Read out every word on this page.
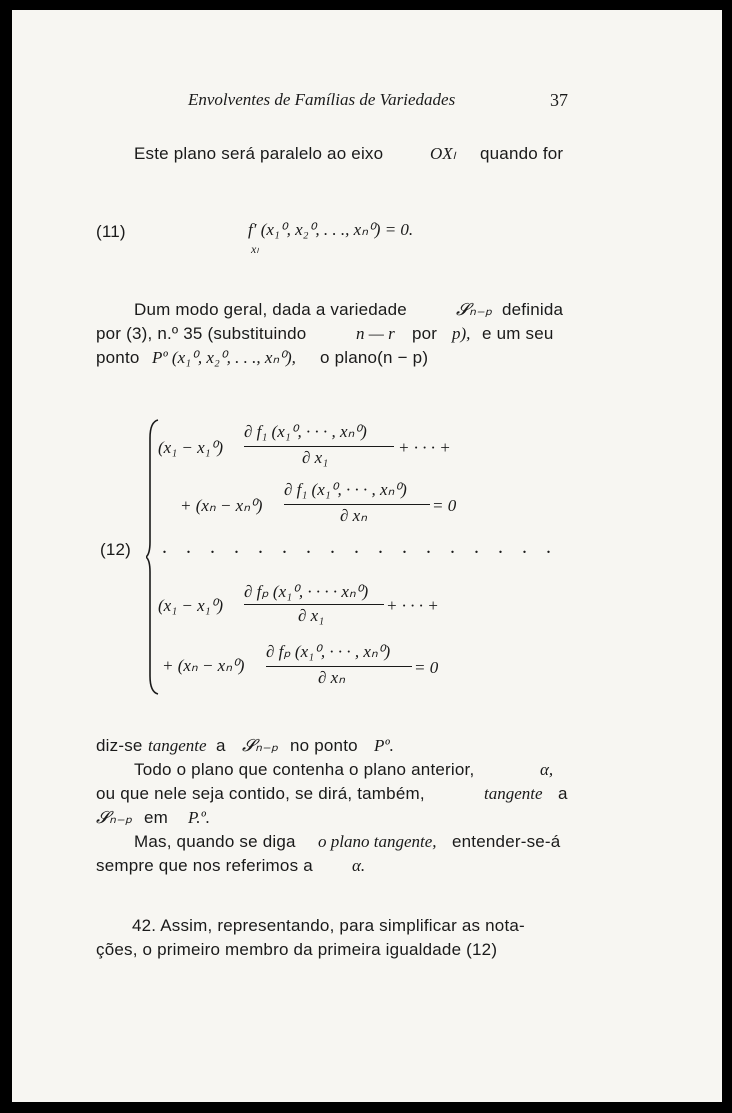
Envolventes de Famílias de Variedades	37
Este plano será paralelo ao eixo	OXₗ quando for
(11)	f′ (x₁⁰, x₂⁰, . . ., xₙ⁰) = 0.
xₗ
Dum modo geral, dada a variedade	𝓢ₙ₋ₚ definida
por (3), n.º 35 (substituindo	n — r por p), e um seu
ponto Pº (x₁⁰, x₂⁰, . . ., xₙ⁰), o plano(n − p)
(12)
(x₁ − x₁⁰)
∂ f₁ (x₁⁰, · · · , xₙ⁰)
∂ x₁
+ · · · +
+ (xₙ − xₙ⁰)
∂ f₁ (x₁⁰, · · · , xₙ⁰)
∂ xₙ
= 0
. . . . . . . . . . . . . . . . .
(x₁ − x₁⁰)
∂ fₚ (x₁⁰, · · · · xₙ⁰)
∂ x₁
+ · · · +
+ (xₙ − xₙ⁰)
∂ fₚ (x₁⁰, · · · , xₙ⁰)
∂ xₙ
= 0
diz-se tangente a 𝓢ₙ₋ₚ no ponto Pº.
Todo o plano que contenha o plano anterior,	α,
ou que nele seja contido, se dirá, também,	tangente a
𝓢ₙ₋ₚ em P.º.
Mas, quando se diga o plano tangente, entender-se-á
sempre que nos referimos a α.
42. Assim, representando, para simplificar as nota-
ções, o primeiro membro da primeira igualdade (12)
